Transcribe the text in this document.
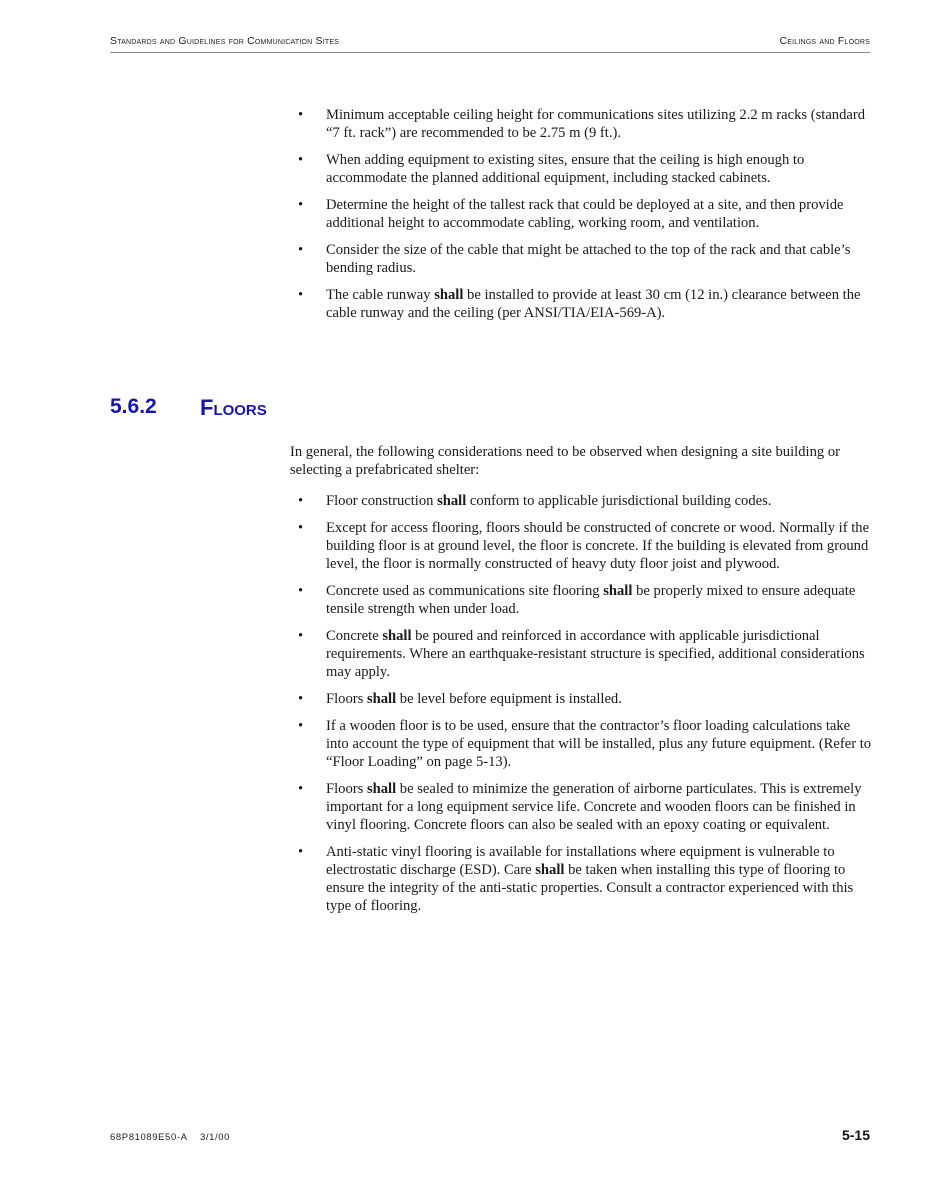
Standards and Guidelines for Communication Sites	Ceilings and Floors
• Minimum acceptable ceiling height for communications sites utilizing 2.2 m racks (standard “7 ft. rack”) are recommended to be 2.75 m (9 ft.).
• When adding equipment to existing sites, ensure that the ceiling is high enough to accommodate the planned additional equipment, including stacked cabinets.
• Determine the height of the tallest rack that could be deployed at a site, and then provide additional height to accommodate cabling, working room, and ventilation.
• Consider the size of the cable that might be attached to the top of the rack and that cable’s bending radius.
• The cable runway shall be installed to provide at least 30 cm (12 in.) clearance between the cable runway and the ceiling (per ANSI/TIA/EIA-569-A).
5.6.2	Floors

In general, the following considerations need to be observed when designing a site building or selecting a prefabricated shelter:

• Floor construction shall conform to applicable jurisdictional building codes.
• Except for access flooring, floors should be constructed of concrete or wood. Normally if the building floor is at ground level, the floor is concrete. If the building is elevated from ground level, the floor is normally constructed of heavy duty floor joist and plywood.
• Concrete used as communications site flooring shall be properly mixed to ensure adequate tensile strength when under load.
• Concrete shall be poured and reinforced in accordance with applicable jurisdictional requirements. Where an earthquake-resistant structure is specified, additional considerations may apply.
• Floors shall be level before equipment is installed.
• If a wooden floor is to be used, ensure that the contractor’s floor loading calculations take into account the type of equipment that will be installed, plus any future equipment. (Refer to “Floor Loading” on page 5-13).
• Floors shall be sealed to minimize the generation of airborne particulates. This is extremely important for a long equipment service life. Concrete and wooden floors can be finished in vinyl flooring. Concrete floors can also be sealed with an epoxy coating or equivalent.
• Anti-static vinyl flooring is available for installations where equipment is vulnerable to electrostatic discharge (ESD). Care shall be taken when installing this type of flooring to ensure the integrity of the anti-static properties. Consult a contractor experienced with this type of flooring.
68P81089E50-A    3/1/00	5-15
